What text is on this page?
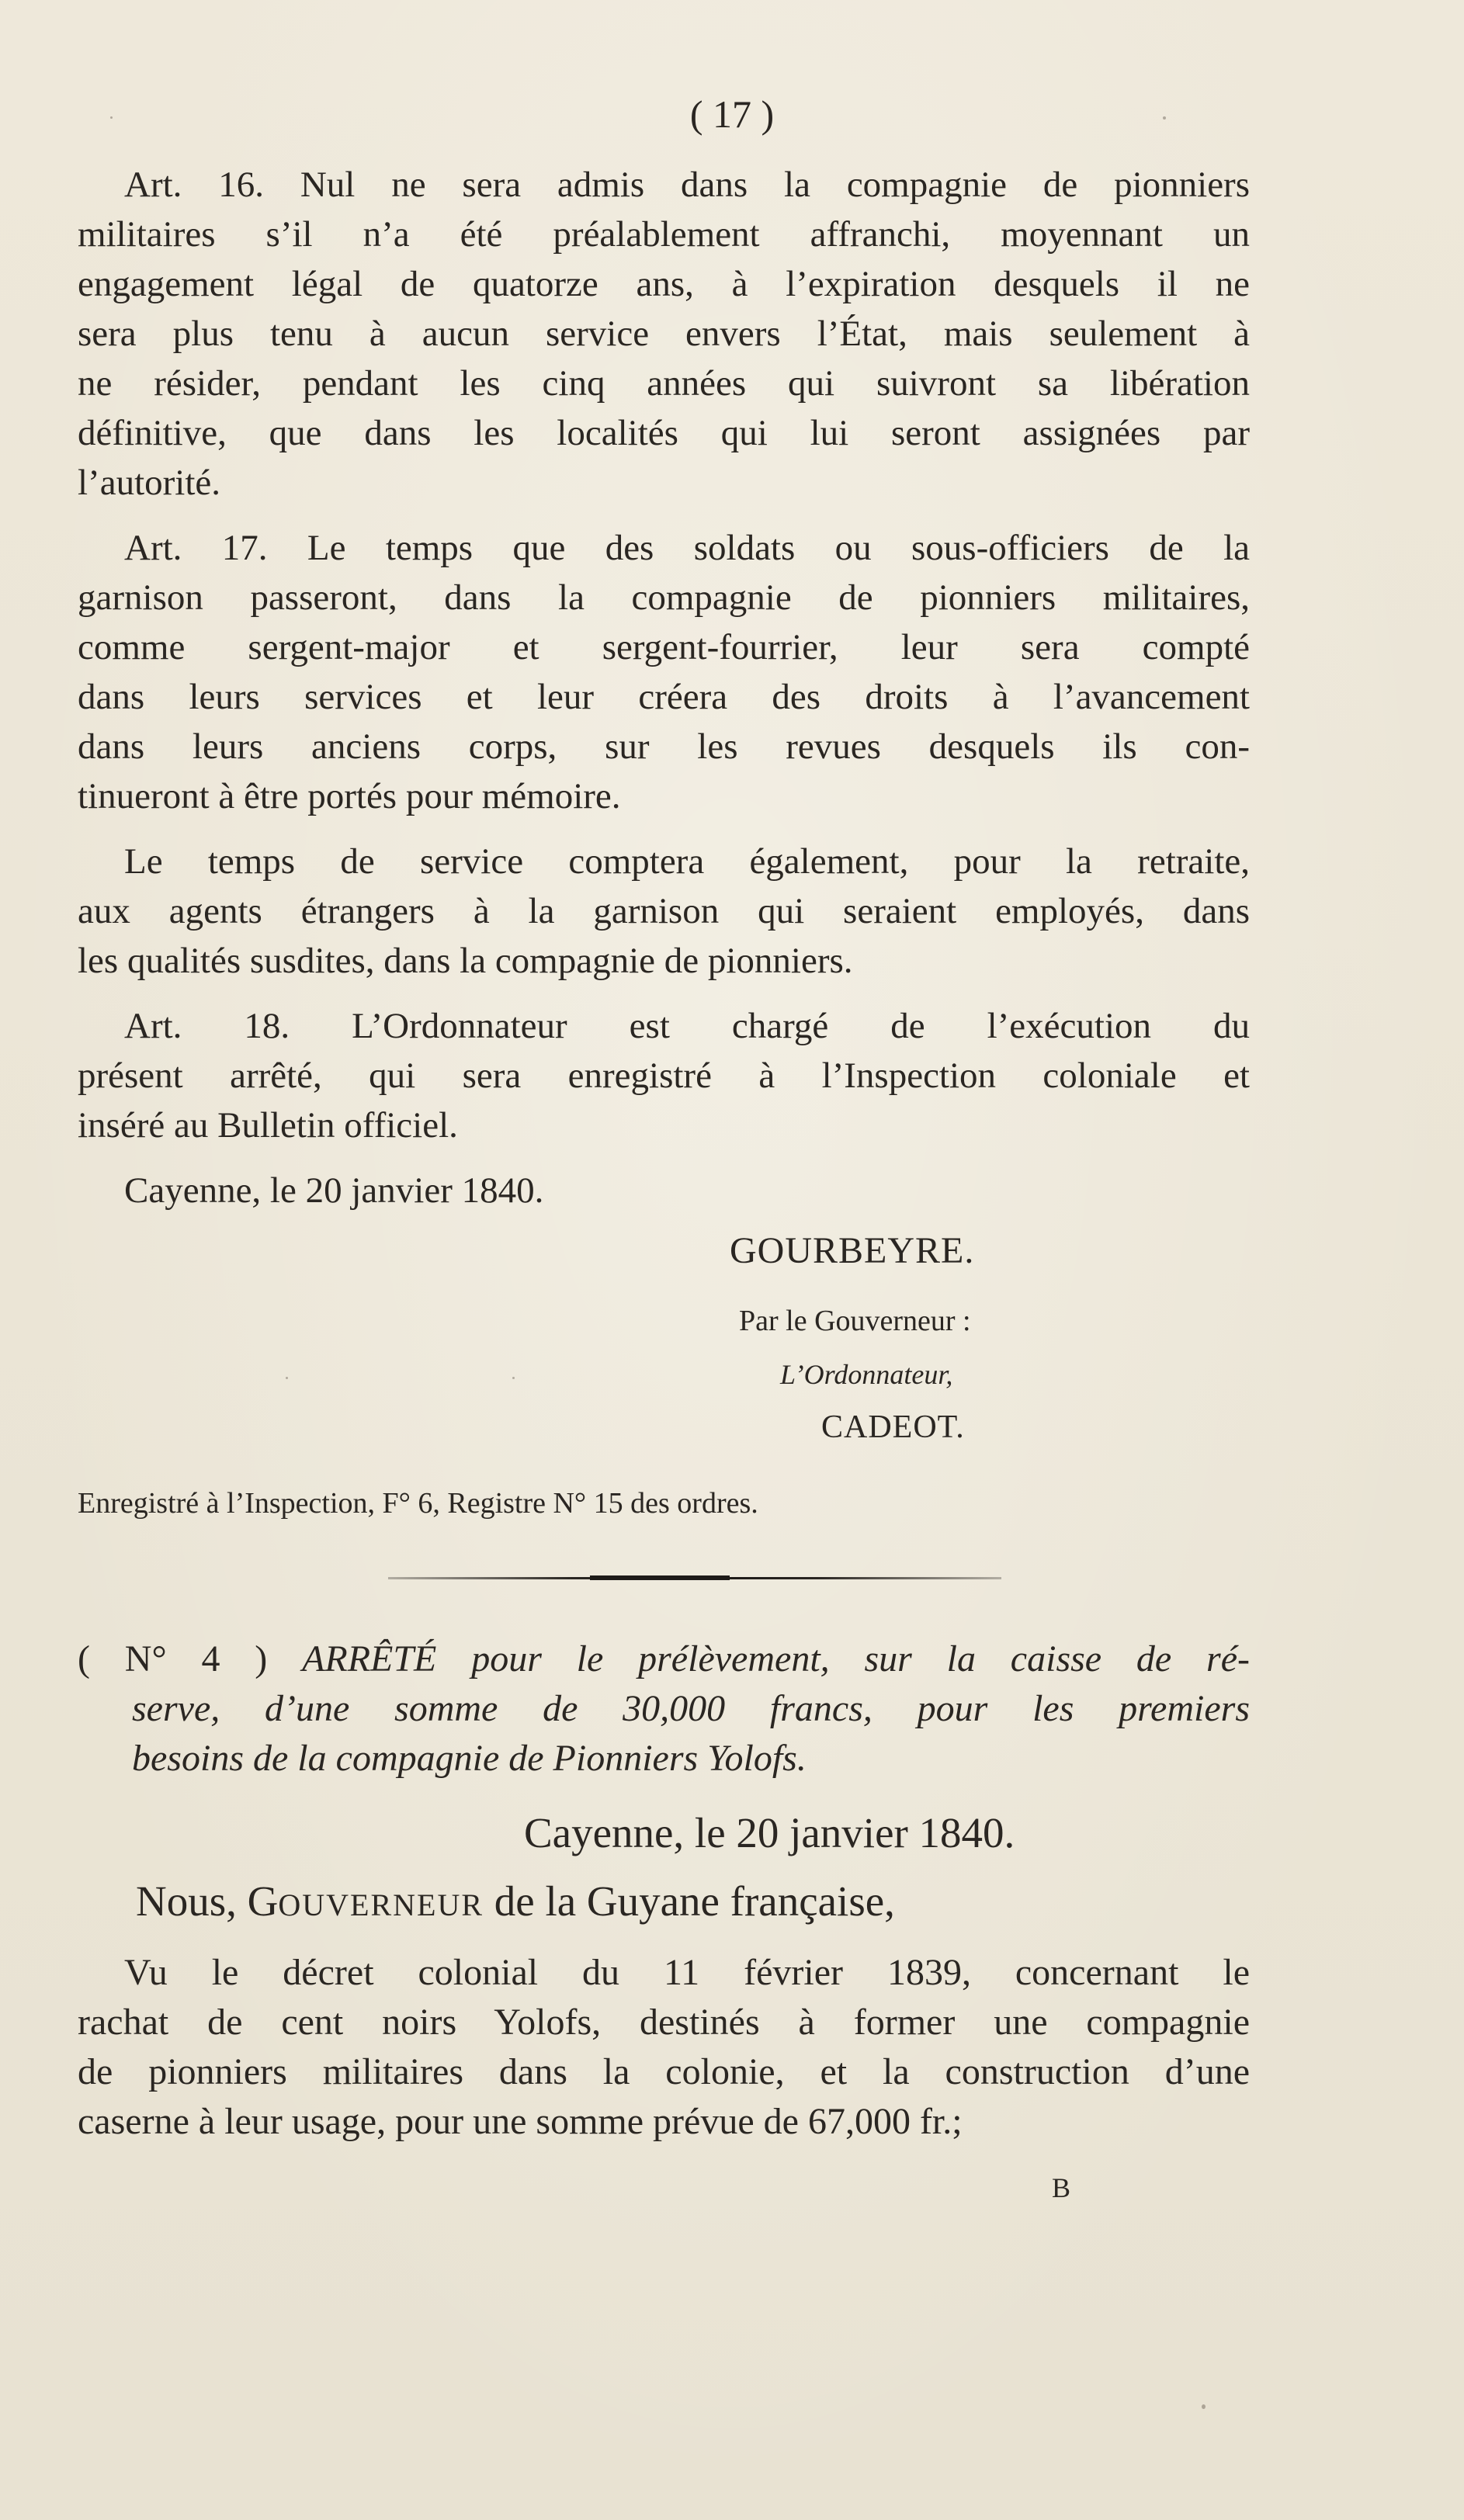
( 17 )
Art. 16. Nul ne sera admis dans la compagnie de pionniers
militaires s’il n’a été préalablement affranchi, moyennant un
engagement légal de quatorze ans, à l’expiration desquels il ne
sera plus tenu à aucun service envers l’État, mais seulement à
ne résider, pendant les cinq années qui suivront sa libération
définitive, que dans les localités qui lui seront assignées par
l’autorité.
Art. 17. Le temps que des soldats ou sous-officiers de la
garnison passeront, dans la compagnie de pionniers militaires,
comme sergent-major et sergent-fourrier, leur sera compté
dans leurs services et leur créera des droits à l’avancement
dans leurs anciens corps, sur les revues desquels ils con-
tinueront à être portés pour mémoire.
Le temps de service comptera également, pour la retraite,
aux agents étrangers à la garnison qui seraient employés, dans
les qualités susdites, dans la compagnie de pionniers.
Art. 18. L’Ordonnateur est chargé de l’exécution du
présent arrêté, qui sera enregistré à l’Inspection coloniale et
inséré au Bulletin officiel.
Cayenne, le 20 janvier 1840.
GOURBEYRE.
Par le Gouverneur :
L’Ordonnateur,
CADEOT.
Enregistré à l’Inspection, F° 6, Registre N° 15 des ordres.
( N° 4 ) ARRÊTÉ pour le prélèvement, sur la caisse de ré-
serve, d’une somme de 30,000 francs, pour les premiers
besoins de la compagnie de Pionniers Yolofs.
Cayenne, le 20 janvier 1840.
Nous, GOUVERNEUR de la Guyane française,
Vu le décret colonial du 11 février 1839, concernant le
rachat de cent noirs Yolofs, destinés à former une compagnie
de pionniers militaires dans la colonie, et la construction d’une
caserne à leur usage, pour une somme prévue de 67,000 fr.;
B
